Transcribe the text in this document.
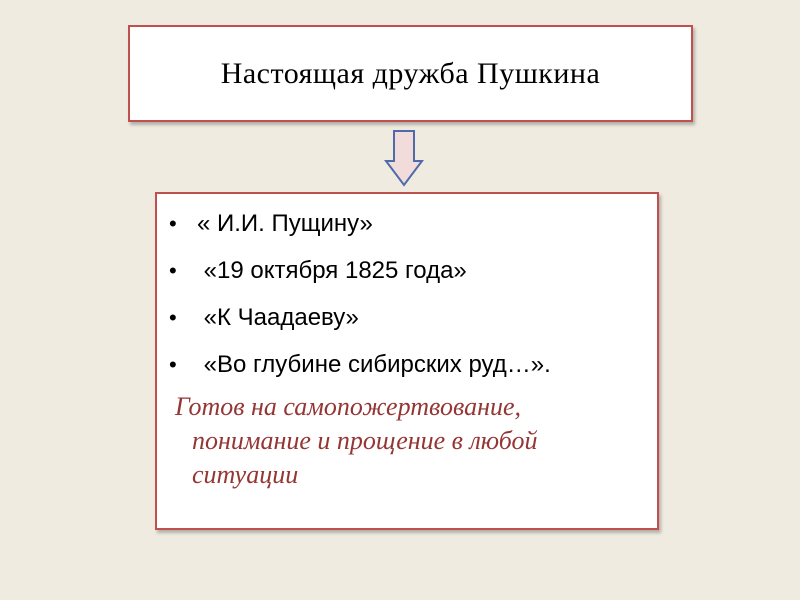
Настоящая дружба Пушкина
• « И.И. Пущину»
• «19 октября 1825 года»
• «К Чаадаеву»
• «Во глубине сибирских руд…».
Готов на самопожертвование,
понимание и прощение в любой
ситуации
